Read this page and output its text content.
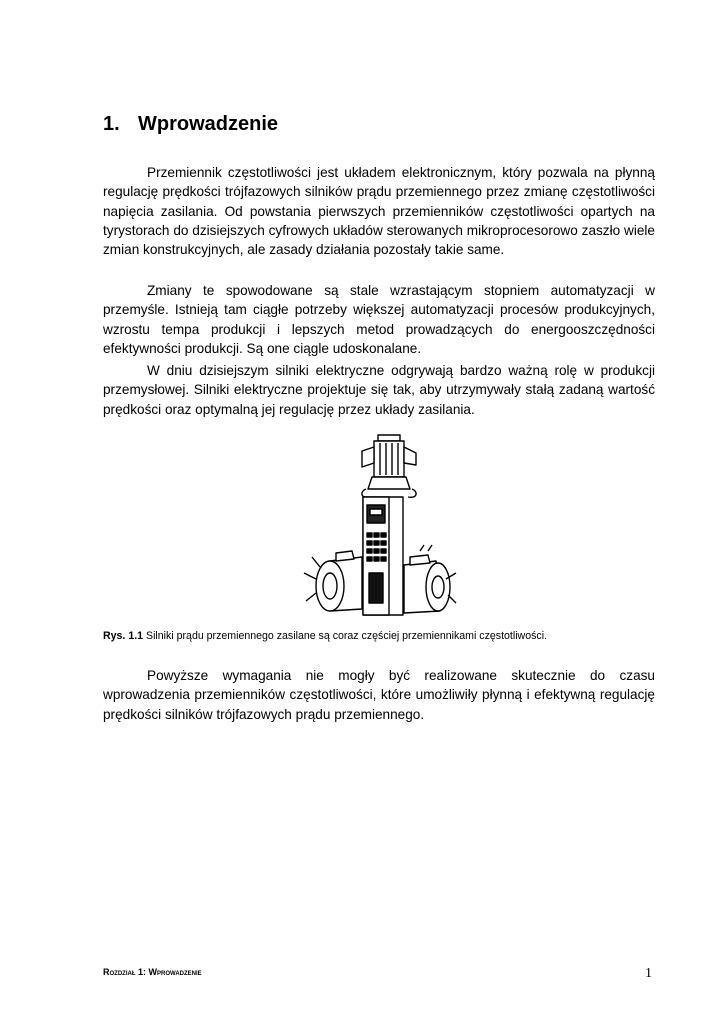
1. Wprowadzenie

Przemiennik częstotliwości jest układem elektronicznym, który pozwala na płynną regulację prędkości trójfazowych silników prądu przemiennego przez zmianę częstotliwości napięcia zasilania. Od powstania pierwszych przemienników częstotliwości opartych na tyrystorach do dzisiejszych cyfrowych układów sterowanych mikroprocesorowo zaszło wiele zmian konstrukcyjnych, ale zasady działania pozostały takie same.

Zmiany te spowodowane są stale wzrastającym stopniem automatyzacji w przemyśle. Istnieją tam ciągłe potrzeby większej automatyzacji procesów produkcyjnych, wzrostu tempa produkcji i lepszych metod prowadzących do energooszczędności efektywności produkcji. Są one ciągle udoskonalane.

W dniu dzisiejszym silniki elektryczne odgrywają bardzo ważną rolę w produkcji przemysłowej. Silniki elektryczne projektuje się tak, aby utrzymywały stałą zadaną wartość prędkości oraz optymalną jej regulację przez układy zasilania.

Rys. 1.1 Silniki prądu przemiennego zasilane są coraz częściej przemiennikami częstotliwości.

Powyższe wymagania nie mogły być realizowane skutecznie do czasu wprowadzenia przemienników częstotliwości, które umożliwiły płynną i efektywną regulację prędkości silników trójfazowych prądu przemiennego.

Rozdział 1: Wprowadzenie	1
